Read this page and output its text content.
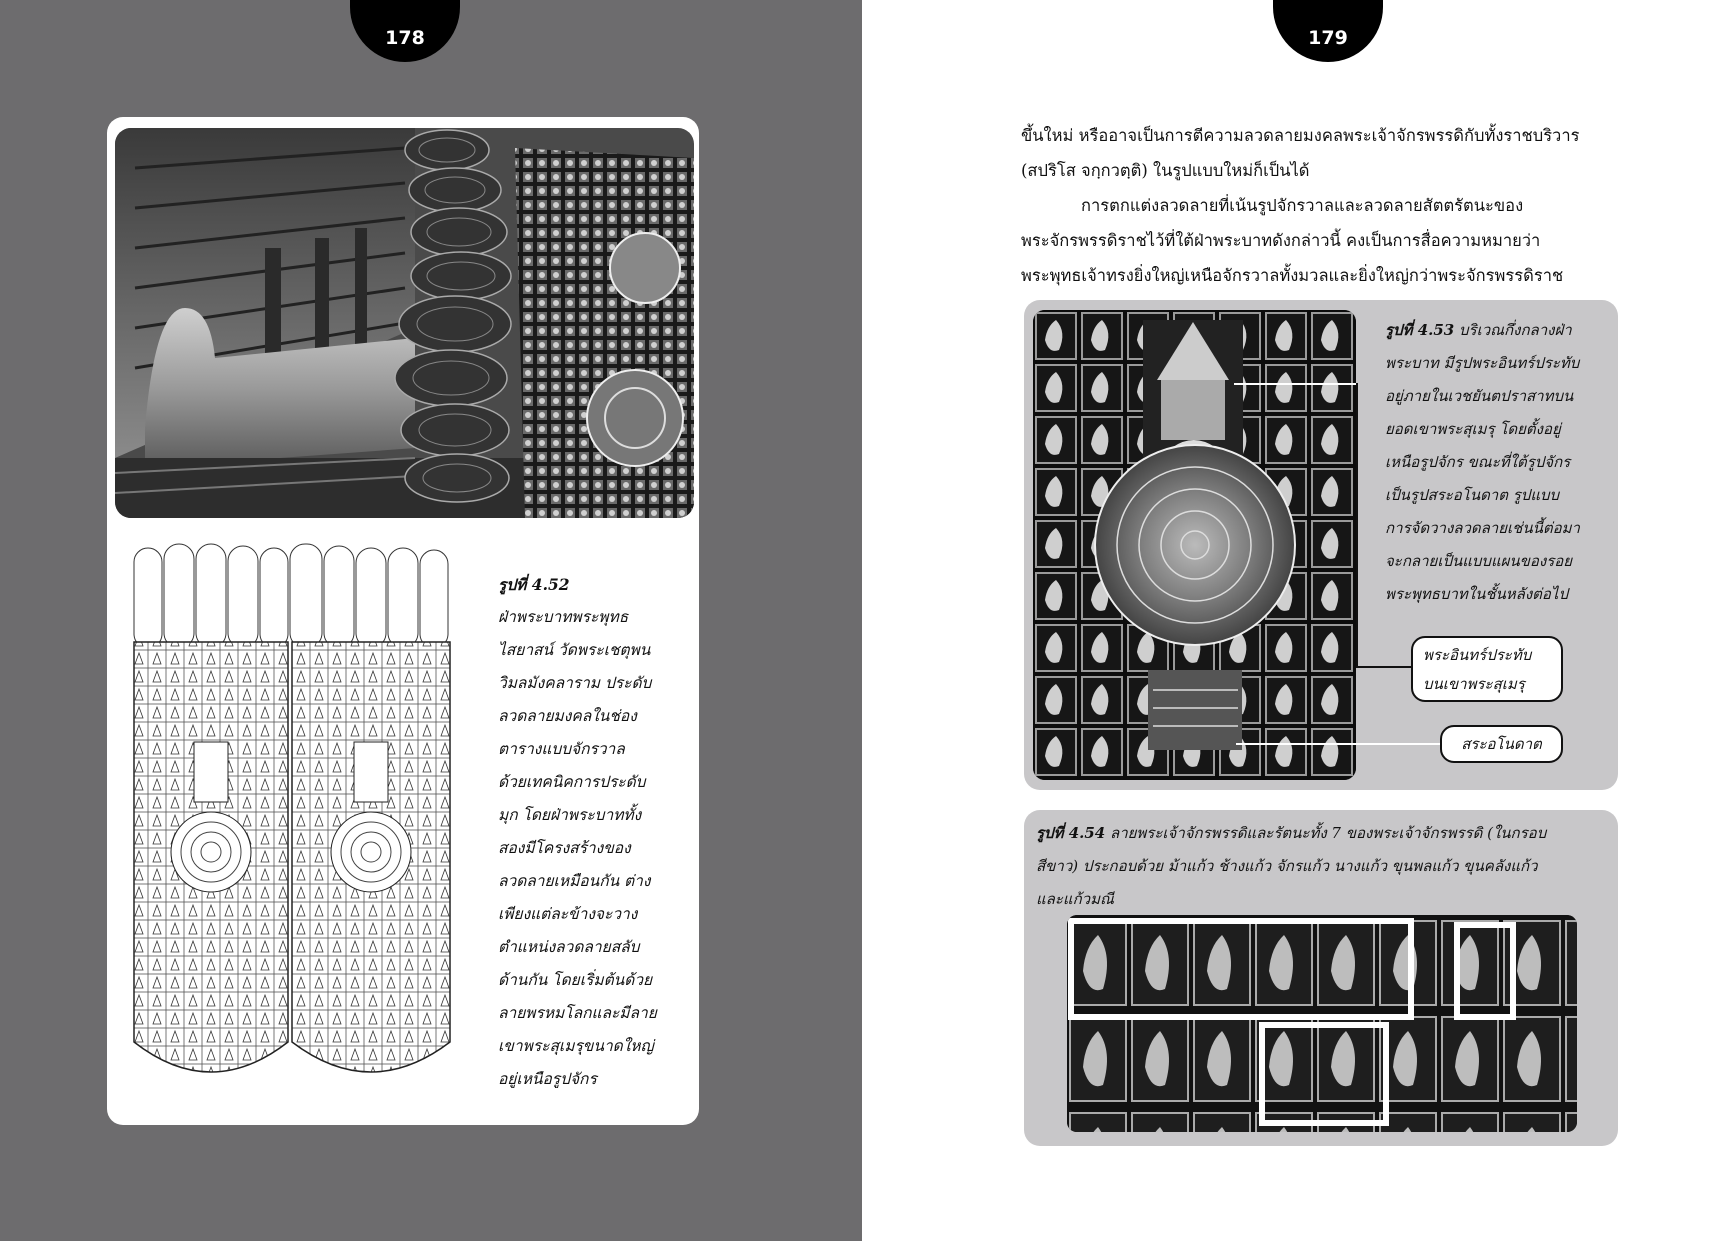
178
รูปที่ 4.52
ฝ่าพระบาทพระพุทธ
ไสยาสน์ วัดพระเชตุพน
วิมลมังคลาราม ประดับ
ลวดลายมงคลในช่อง
ตารางแบบจักรวาล
ด้วยเทคนิคการประดับ
มุก โดยฝ่าพระบาททั้ง
สองมีโครงสร้างของ
ลวดลายเหมือนกัน ต่าง
เพียงแต่ละข้างจะวาง
ตำแหน่งลวดลายสลับ
ด้านกัน โดยเริ่มต้นด้วย
ลายพรหมโลกและมีลาย
เขาพระสุเมรุขนาดใหญ่
อยู่เหนือรูปจักร
179

ขึ้นใหม่ หรืออาจเป็นการตีความลวดลายมงคลพระเจ้าจักรพรรดิกับทั้งราชบริวาร

(สปริโส จกฺกวตฺติ) ในรูปแบบใหม่ก็เป็นได้

การตกแต่งลวดลายที่เน้นรูปจักรวาลและลวดลายสัตตรัตนะของ

พระจักรพรรดิราชไว้ที่ใต้ฝ่าพระบาทดังกล่าวนี้ คงเป็นการสื่อความหมายว่า

พระพุทธเจ้าทรงยิ่งใหญ่เหนือจักรวาลทั้งมวลและยิ่งใหญ่กว่าพระจักรพรรดิราช

รูปที่ 4.53 บริเวณกึ่งกลางฝ่า
พระบาท มีรูปพระอินทร์ประทับ
อยู่ภายในเวชยันตปราสาทบน
ยอดเขาพระสุเมรุ โดยตั้งอยู่
เหนือรูปจักร ขณะที่ใต้รูปจักร
เป็นรูปสระอโนดาต รูปแบบ
การจัดวางลวดลายเช่นนี้ต่อมา
จะกลายเป็นแบบแผนของรอย
พระพุทธบาทในชั้นหลังต่อไป
พระอินทร์ประทับ
บนเขาพระสุเมรุ
สระอโนดาต
รูปที่ 4.54 ลายพระเจ้าจักรพรรดิและรัตนะทั้ง 7 ของพระเจ้าจักรพรรดิ (ในกรอบ
สีขาว) ประกอบด้วย ม้าแก้ว ช้างแก้ว จักรแก้ว นางแก้ว ขุนพลแก้ว ขุนคลังแก้ว
และแก้วมณี
